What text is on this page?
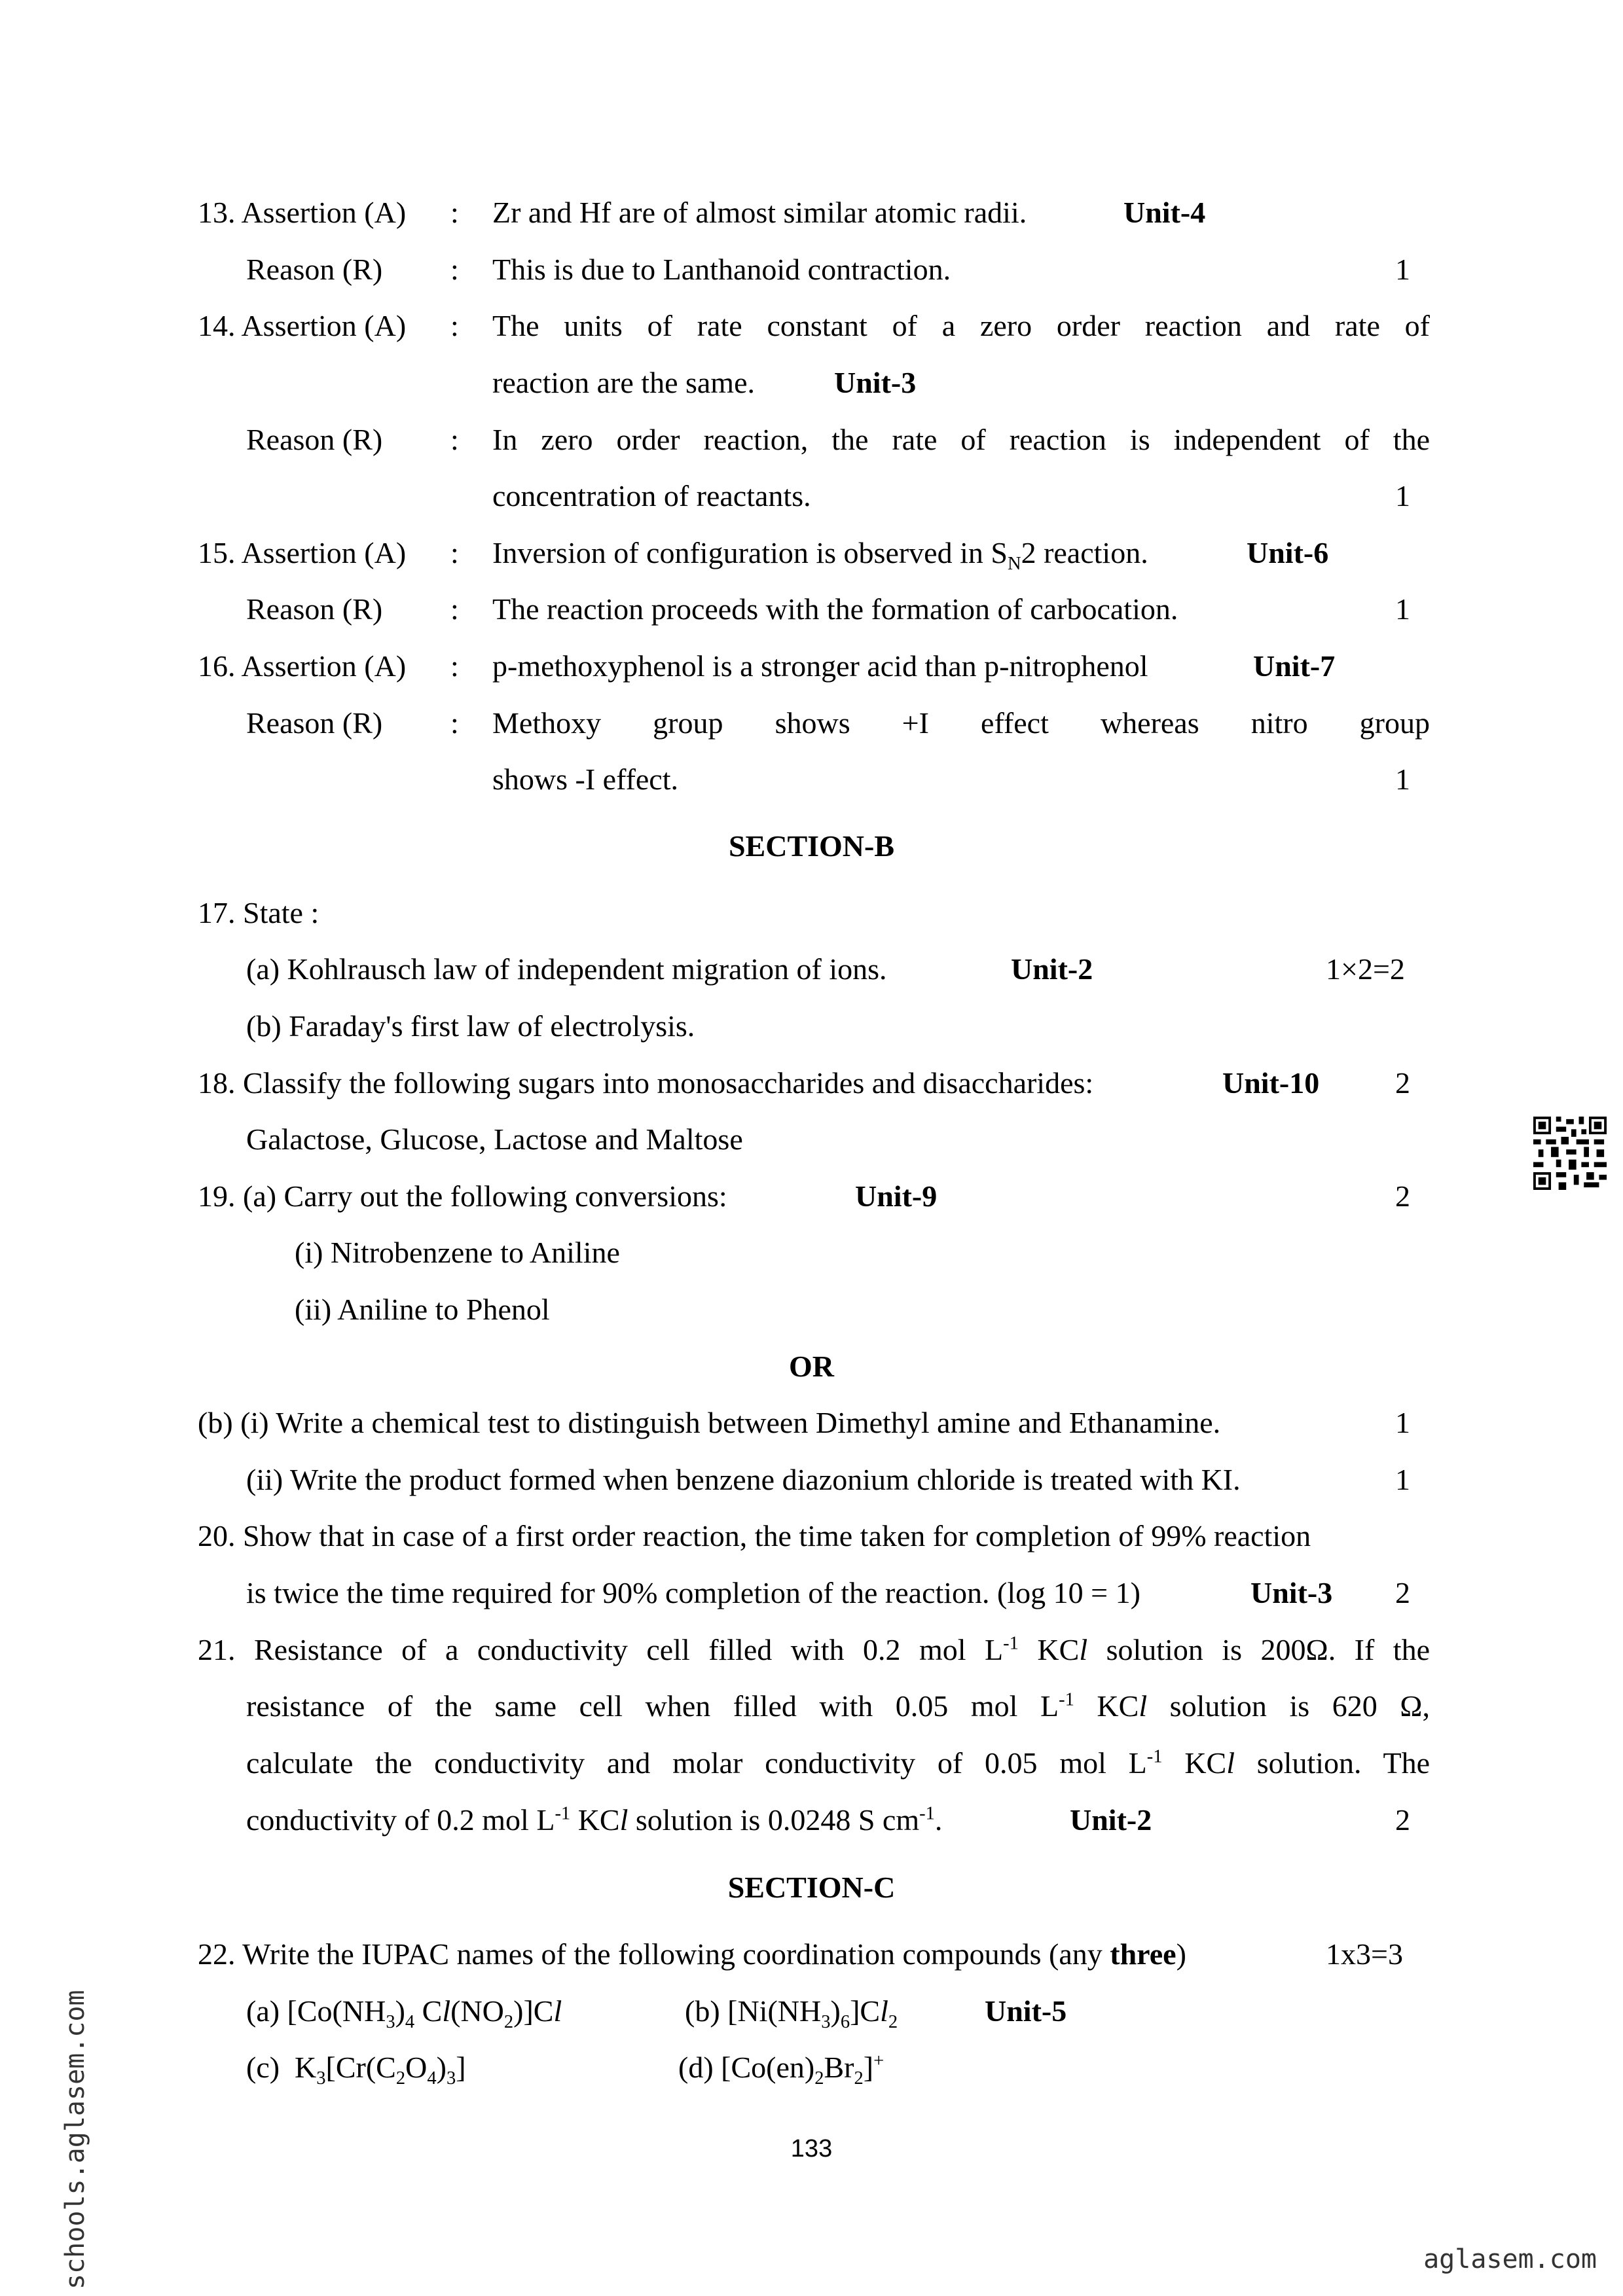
13. Assertion (A) : Zr and Hf are of almost similar atomic radii.	Unit-4
Reason (R) : This is due to Lanthanoid contraction.	1
14. Assertion (A) : The units of rate constant of a zero order reaction and rate of
reaction are the same.	Unit-3
Reason (R) : In zero order reaction, the rate of reaction is independent of the
concentration of reactants.	1
15. Assertion (A) : Inversion of configuration is observed in $S_N2$ reaction.	Unit-6
Reason (R) : The reaction proceeds with the formation of carbocation.	1
16. Assertion (A) : p-methoxyphenol is a stronger acid than p-nitrophenol	Unit-7
Reason (R) : Methoxy group shows +I effect whereas nitro group
shows -I effect.	1
SECTION-B
17. State :
(a) Kohlrausch law of independent migration of ions.	Unit-2	1×2=2
(b) Faraday's first law of electrolysis.
18. Classify the following sugars into monosaccharides and disaccharides:	Unit-10	2
Galactose, Glucose, Lactose and Maltose
19. (a) Carry out the following conversions:	Unit-9	2
(i) Nitrobenzene to Aniline
(ii) Aniline to Phenol
OR
(b) (i) Write a chemical test to distinguish between Dimethyl amine and Ethanamine.	1
(ii) Write the product formed when benzene diazonium chloride is treated with KI.	1
20. Show that in case of a first order reaction, the time taken for completion of 99% reaction
is twice the time required for 90% completion of the reaction. (log 10 = 1)	Unit-3 2
21. Resistance of a conductivity cell filled with 0.2 mol $L^{-1}$ KCl solution is 200Ω. If the
resistance of the same cell when filled with 0.05 mol $L^{-1}$ KCl solution is 620 Ω,
calculate the conductivity and molar conductivity of 0.05 mol $L^{-1}$ KCl solution. The
conductivity of 0.2 mol $L^{-1}$ KCl solution is 0.0248 S $cm^{-1}$.	Unit-2	2
SECTION-C
22. Write the IUPAC names of the following coordination compounds (any three)	1x3=3
(a) [$Co(NH_3)_4$ $Cl(NO_2)]Cl$	(b) $[Ni(NH_3)_6]Cl_2$	Unit-5
(c)  $K_3[Cr(C_2O_4)_3]$	(d) $[Co(en)_2Br_2]^+$
133
schools.aglasem.com	aglasem.com
